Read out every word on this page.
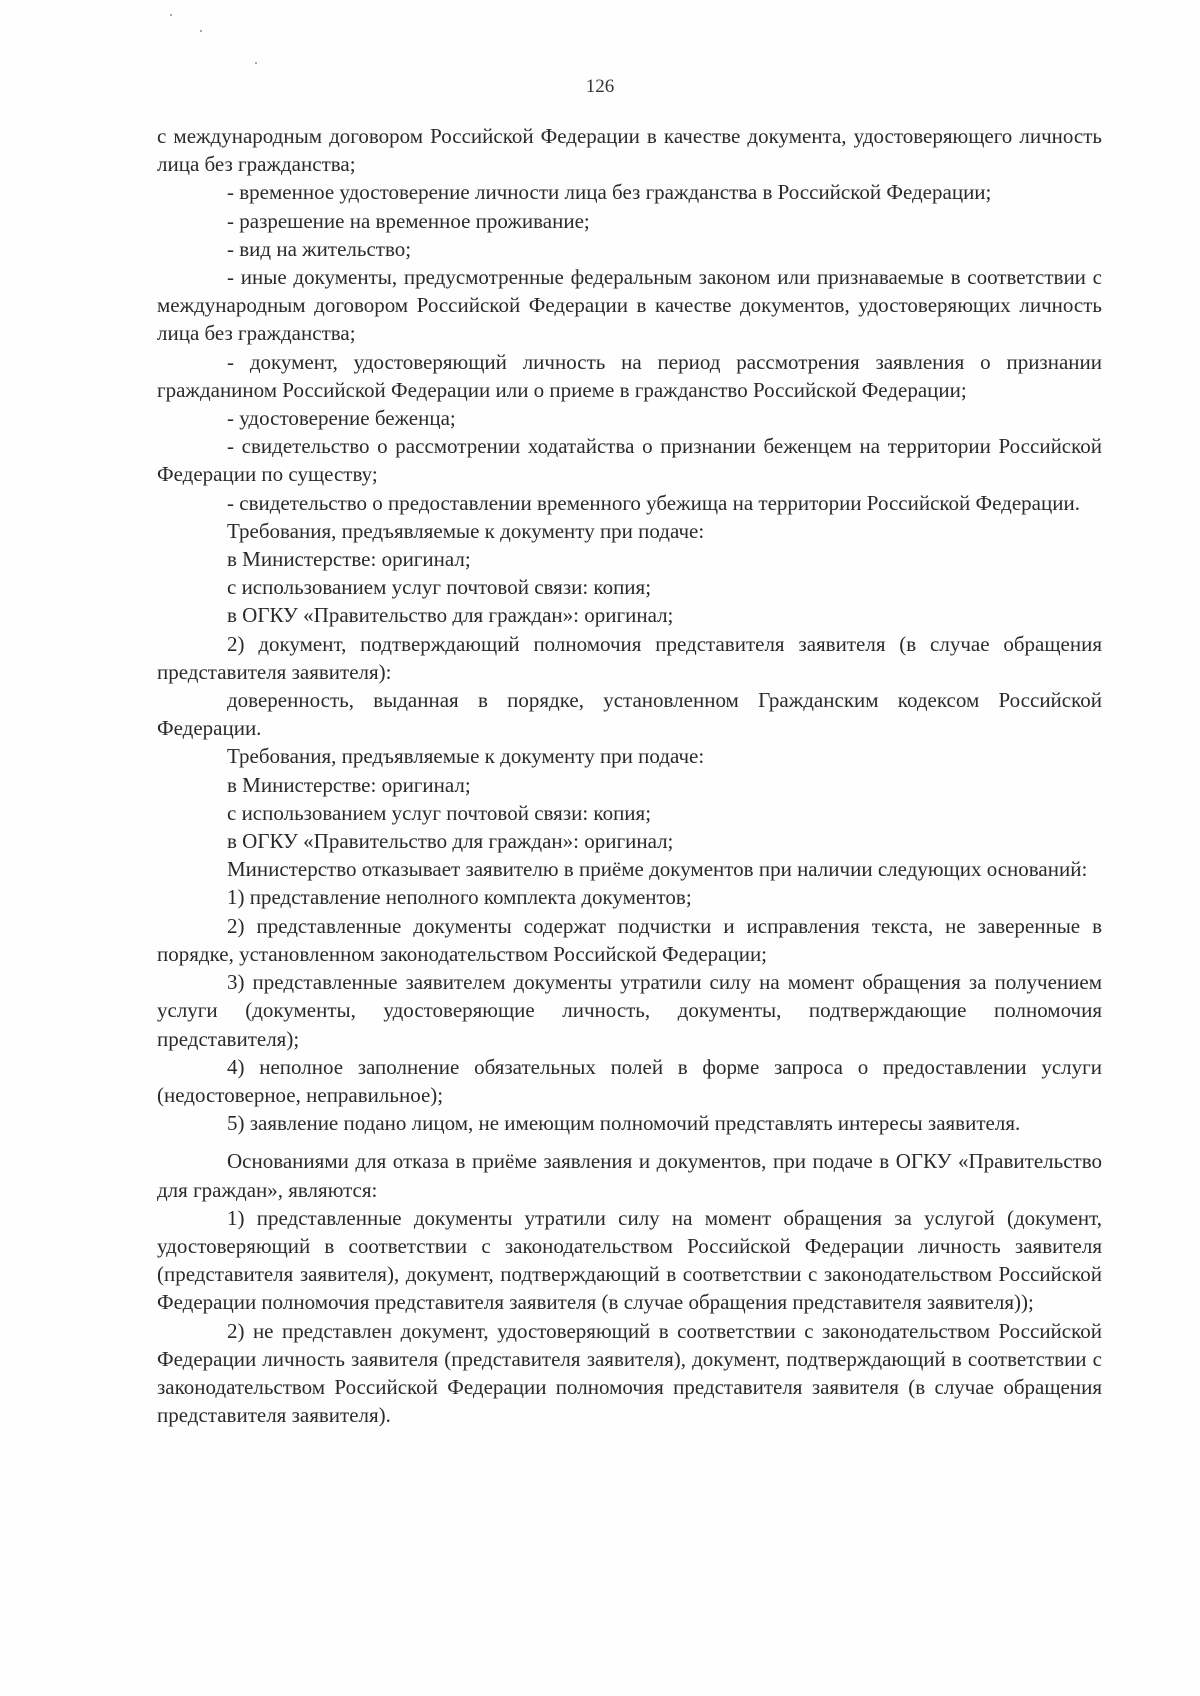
126

с международным договором Российской Федерации в качестве документа, удостоверяющего личность лица без гражданства;

- временное удостоверение личности лица без гражданства в Российской Федерации;

- разрешение на временное проживание;

- вид на жительство;

- иные документы, предусмотренные федеральным законом или признаваемые в соответствии с международным договором Российской Федерации в качестве документов, удостоверяющих личность лица без гражданства;

- документ, удостоверяющий личность на период рассмотрения заявления о признании гражданином Российской Федерации или о приеме в гражданство Российской Федерации;

- удостоверение беженца;

- свидетельство о рассмотрении ходатайства о признании беженцем на территории Российской Федерации по существу;

- свидетельство о предоставлении временного убежища на территории Российской Федерации.

Требования, предъявляемые к документу при подаче:

в Министерстве: оригинал;

с использованием услуг почтовой связи: копия;

в ОГКУ «Правительство для граждан»: оригинал;

2) документ, подтверждающий полномочия представителя заявителя (в случае обращения представителя заявителя):

доверенность, выданная в порядке, установленном Гражданским кодексом Российской Федерации.

Требования, предъявляемые к документу при подаче:

в Министерстве: оригинал;

с использованием услуг почтовой связи: копия;

в ОГКУ «Правительство для граждан»: оригинал;

Министерство отказывает заявителю в приёме документов при наличии следующих оснований:

1) представление неполного комплекта документов;

2) представленные документы содержат подчистки и исправления текста, не заверенные в порядке, установленном законодательством Российской Федерации;

3) представленные заявителем документы утратили силу на момент обращения за получением услуги (документы, удостоверяющие личность, документы, подтверждающие полномочия представителя);

4) неполное заполнение обязательных полей в форме запроса о предоставлении услуги (недостоверное, неправильное);

5) заявление подано лицом, не имеющим полномочий представлять интересы заявителя.

Основаниями для отказа в приёме заявления и документов, при подаче в ОГКУ «Правительство для граждан», являются:

1) представленные документы утратили силу на момент обращения за услугой (документ, удостоверяющий в соответствии с законодательством Российской Федерации личность заявителя (представителя заявителя), документ, подтверждающий в соответствии с законодательством Российской Федерации полномочия представителя заявителя (в случае обращения представителя заявителя));

2) не представлен документ, удостоверяющий в соответствии с законодательством Российской Федерации личность заявителя (представителя заявителя), документ, подтверждающий в соответствии с законодательством Российской Федерации полномочия представителя заявителя (в случае обращения представителя заявителя).
